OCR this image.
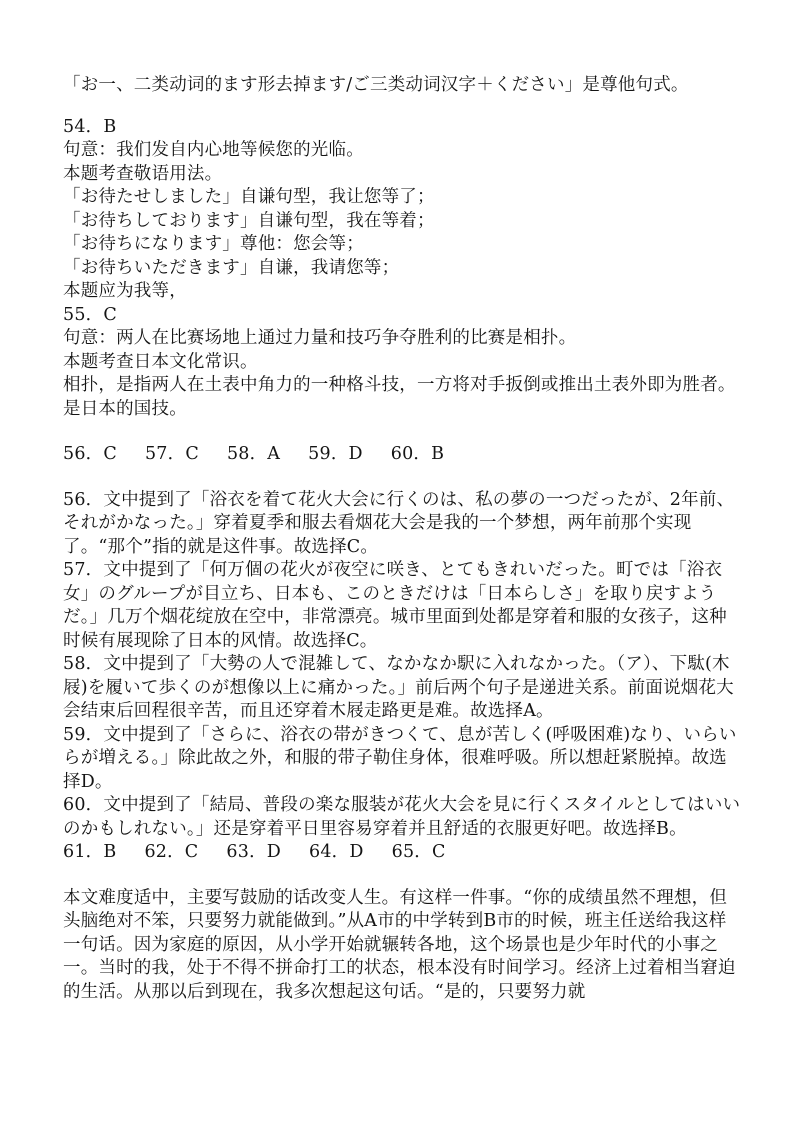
「お一、二类动词的ます形去掉ます/ご三类动词汉字＋ください」是尊他句式。

54．B

句意：我们发自内心地等候您的光临。

本题考查敬语用法。

「お待たせしました」自谦句型，我让您等了；

「お待ちしております」自谦句型，我在等着；

「お待ちになります」尊他：您会等；

「お待ちいただきます」自谦，我请您等；

本题应为我等，

55．C

句意：两人在比赛场地上通过力量和技巧争夺胜利的比赛是相扑。

本题考查日本文化常识。

相扑，是指两人在土表中角力的一种格斗技，一方将对手扳倒或推出土表外即为胜者。是日本的国技。

56．C 57．C 58．A 59．D 60．B

56．文中提到了「浴衣を着て花火大会に行くのは、私の夢の一つだったが、2年前、それがかなった。」穿着夏季和服去看烟花大会是我的一个梦想，两年前那个实现了。“那个”指的就是这件事。故选择C。

57．文中提到了「何万個の花火が夜空に咲き、とてもきれいだった。町では「浴衣女」のグループが目立ち、日本も、このときだけは「日本らしさ」を取り戻すようだ。」几万个烟花绽放在空中，非常漂亮。城市里面到处都是穿着和服的女孩子，这种时候有展现除了日本的风情。故选择C。

58．文中提到了「大勢の人で混雑して、なかなか駅に入れなかった。（ア）、下駄(木屐)を履いて歩くのが想像以上に痛かった。」前后两个句子是递进关系。前面说烟花大会结束后回程很辛苦，而且还穿着木屐走路更是难。故选择A。

59．文中提到了「さらに、浴衣の帯がきつくて、息が苦しく(呼吸困难)なり、いらいらが増える。」除此故之外，和服的带子勒住身体，很难呼吸。所以想赶紧脱掉。故选择D。

60．文中提到了「結局、普段の楽な服装が花火大会を見に行くスタイルとしてはいいのかもしれない。」还是穿着平日里容易穿着并且舒适的衣服更好吧。故选择B。

61．B 62．C 63．D 64．D 65．C

本文难度适中，主要写鼓励的话改变人生。有这样一件事。“你的成绩虽然不理想，但头脑绝对不笨，只要努力就能做到。”从A市的中学转到B市的时候，班主任送给我这样一句话。因为家庭的原因，从小学开始就辗转各地，这个场景也是少年时代的小事之一。当时的我，处于不得不拼命打工的状态，根本没有时间学习。经济上过着相当窘迫的生活。从那以后到现在，我多次想起这句话。“是的，只要努力就
